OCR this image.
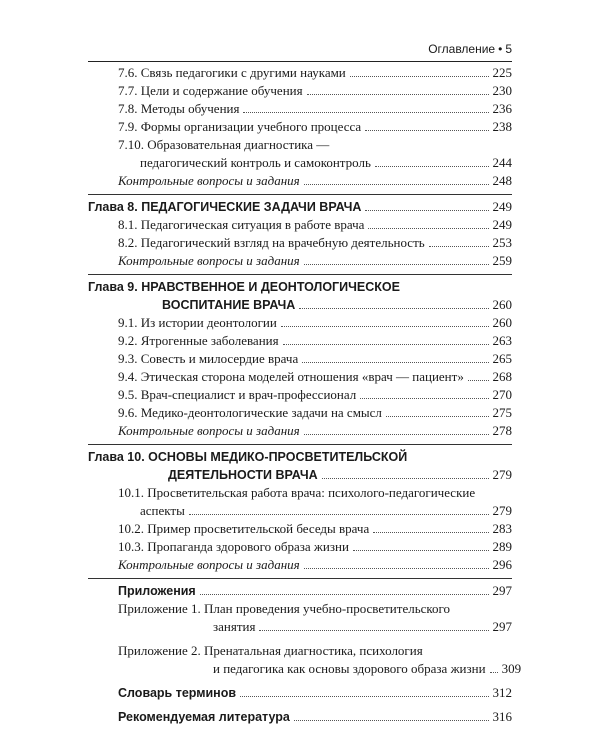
Оглавление • 5
7.6. Связь педагогики с другими науками	225
7.7. Цели и содержание обучения	230
7.8. Методы обучения	236
7.9. Формы организации учебного процесса	238
7.10. Образовательная диагностика —
педагогический контроль и самоконтроль	244
Контрольные вопросы и задания	248
Глава 8. ПЕДАГОГИЧЕСКИЕ ЗАДАЧИ ВРАЧА	249
8.1. Педагогическая ситуация в работе врача	249
8.2. Педагогический взгляд на врачебную деятельность	253
Контрольные вопросы и задания	259
Глава 9. НРАВСТВЕННОЕ И ДЕОНТОЛОГИЧЕСКОЕ
ВОСПИТАНИЕ ВРАЧА	260
9.1. Из истории деонтологии	260
9.2. Ятрогенные заболевания	263
9.3. Совесть и милосердие врача	265
9.4. Этическая сторона моделей отношения «врач — пациент» 268
9.5. Врач-специалист и врач-профессионал	270
9.6. Медико-деонтологические задачи на смысл	275
Контрольные вопросы и задания	278
Глава 10. ОСНОВЫ МЕДИКО-ПРОСВЕТИТЕЛЬСКОЙ
ДЕЯТЕЛЬНОСТИ ВРАЧА	279
10.1. Просветительская работа врача: психолого-педагогические
аспекты	279
10.2. Пример просветительской беседы врача	283
10.3. Пропаганда здорового образа жизни	289
Контрольные вопросы и задания	296
Приложения	297
Приложение 1. План проведения учебно-просветительского
занятия	297
Приложение 2. Пренатальная диагностика, психология
и педагогика как основы здорового образа жизни 309
Словарь терминов	312
Рекомендуемая литература	316
